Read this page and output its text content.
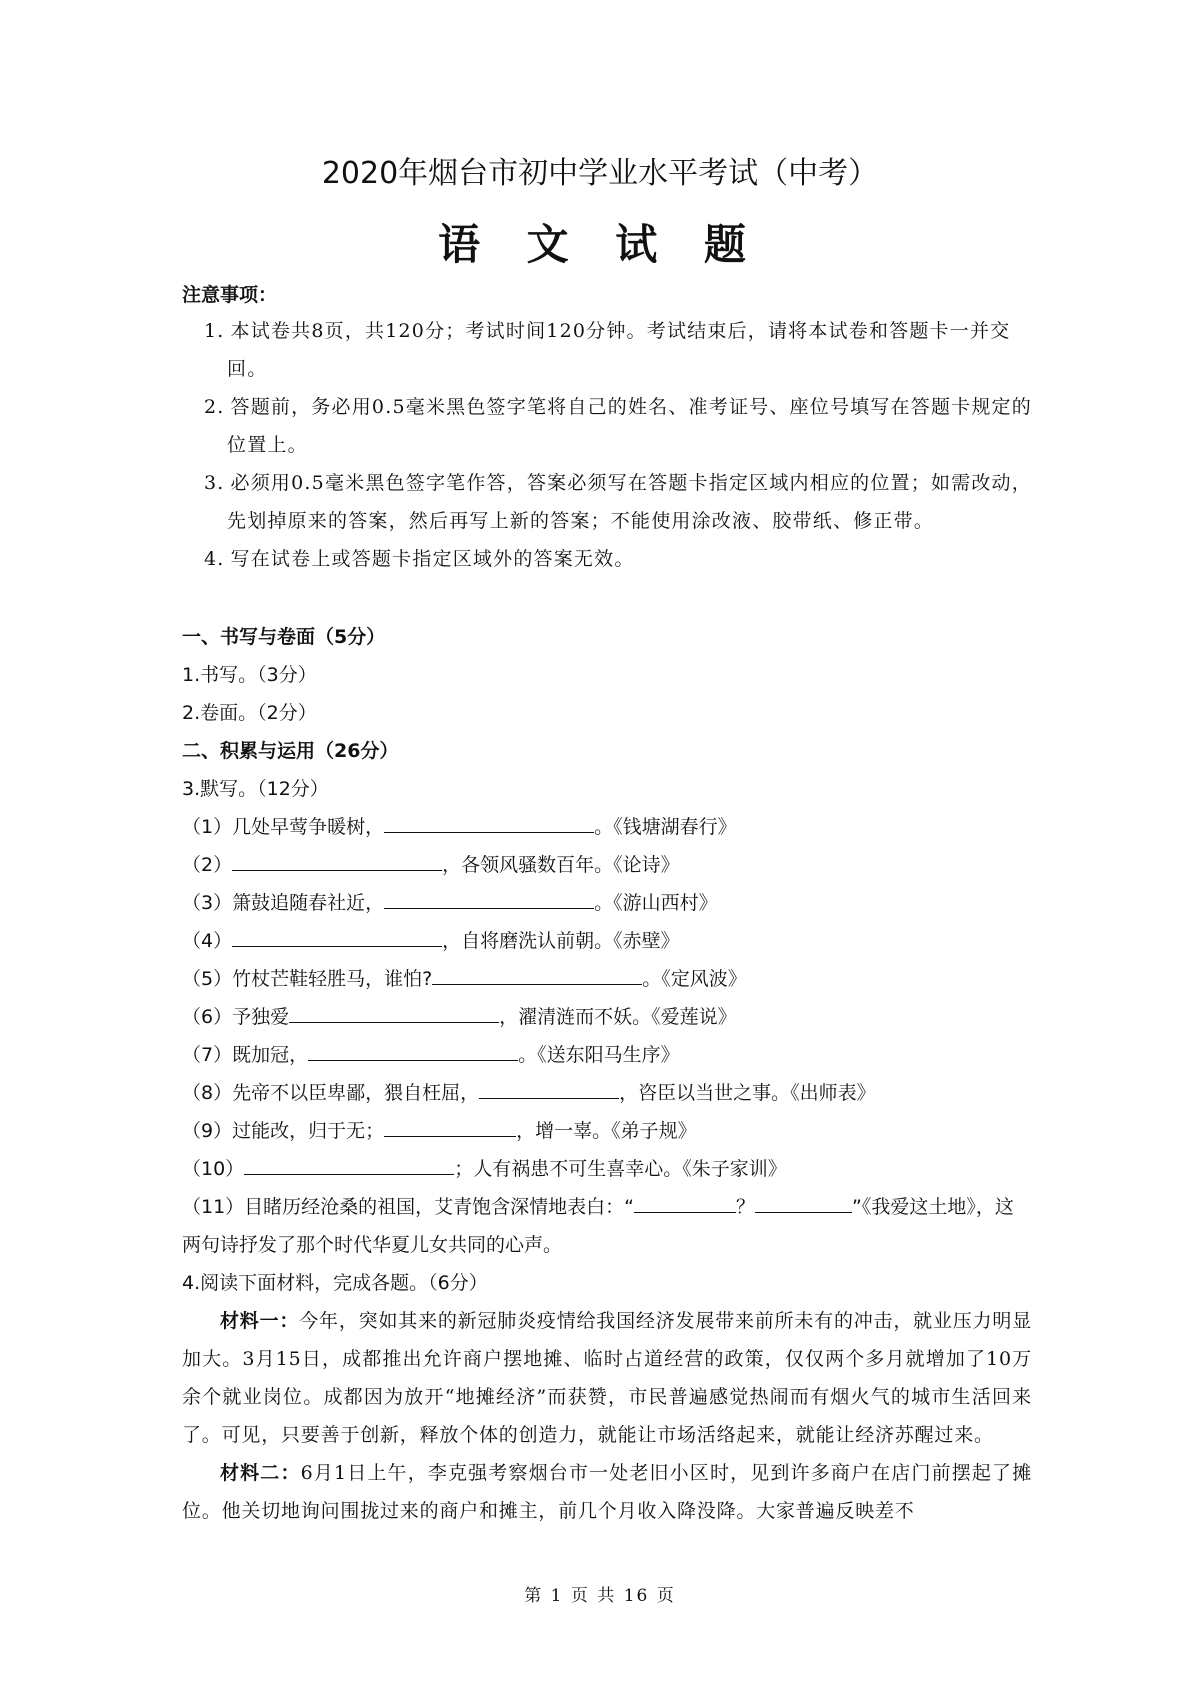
2020年烟台市初中学业水平考试（中考）
语 文 试 题
注意事项：
1. 本试卷共8页，共120分；考试时间120分钟。考试结束后，请将本试卷和答题卡一并交回。
2. 答题前，务必用0.5毫米黑色签字笔将自己的姓名、准考证号、座位号填写在答题卡规定的位置上。
3. 必须用0.5毫米黑色签字笔作答，答案必须写在答题卡指定区域内相应的位置；如需改动，先划掉原来的答案，然后再写上新的答案；不能使用涂改液、胶带纸、修正带。
4. 写在试卷上或答题卡指定区域外的答案无效。
一、书写与卷面（5分）
1.书写。（3分）
2.卷面。（2分）
二、积累与运用（26分）
3.默写。（12分）
（1）几处早莺争暖树，	。《钱塘湖春行》
（2）	，各领风骚数百年。《论诗》
（3）箫鼓追随春社近，	。《游山西村》
（4）	，自将磨洗认前朝。《赤壁》
（5）竹杖芒鞋轻胜马，谁怕?	。《定风波》
（6）予独爱	，濯清涟而不妖。《爱莲说》
（7）既加冠，	。《送东阳马生序》
（8）先帝不以臣卑鄙，猥自枉屈，	，咨臣以当世之事。《出师表》
（9）过能改，归于无；	，增一辜。《弟子规》
（10）	；人有祸患不可生喜幸心。《朱子家训》
（11）目睹历经沧桑的祖国，艾青饱含深情地表白：“	？	”《我爱这土地》，这两句诗抒发了那个时代华夏儿女共同的心声。
4.阅读下面材料，完成各题。（6分）
材料一：今年，突如其来的新冠肺炎疫情给我国经济发展带来前所未有的冲击，就业压力明显加大。3月15日，成都推出允许商户摆地摊、临时占道经营的政策，仅仅两个多月就增加了10万余个就业岗位。成都因为放开“地摊经济”而获赞，市民普遍感觉热闹而有烟火气的城市生活回来了。可见，只要善于创新，释放个体的创造力，就能让市场活络起来，就能让经济苏醒过来。
材料二：6月1日上午，李克强考察烟台市一处老旧小区时，见到许多商户在店门前摆起了摊位。他关切地询问围拢过来的商户和摊主，前几个月收入降没降。大家普遍反映差不
第 1 页 共 16 页
